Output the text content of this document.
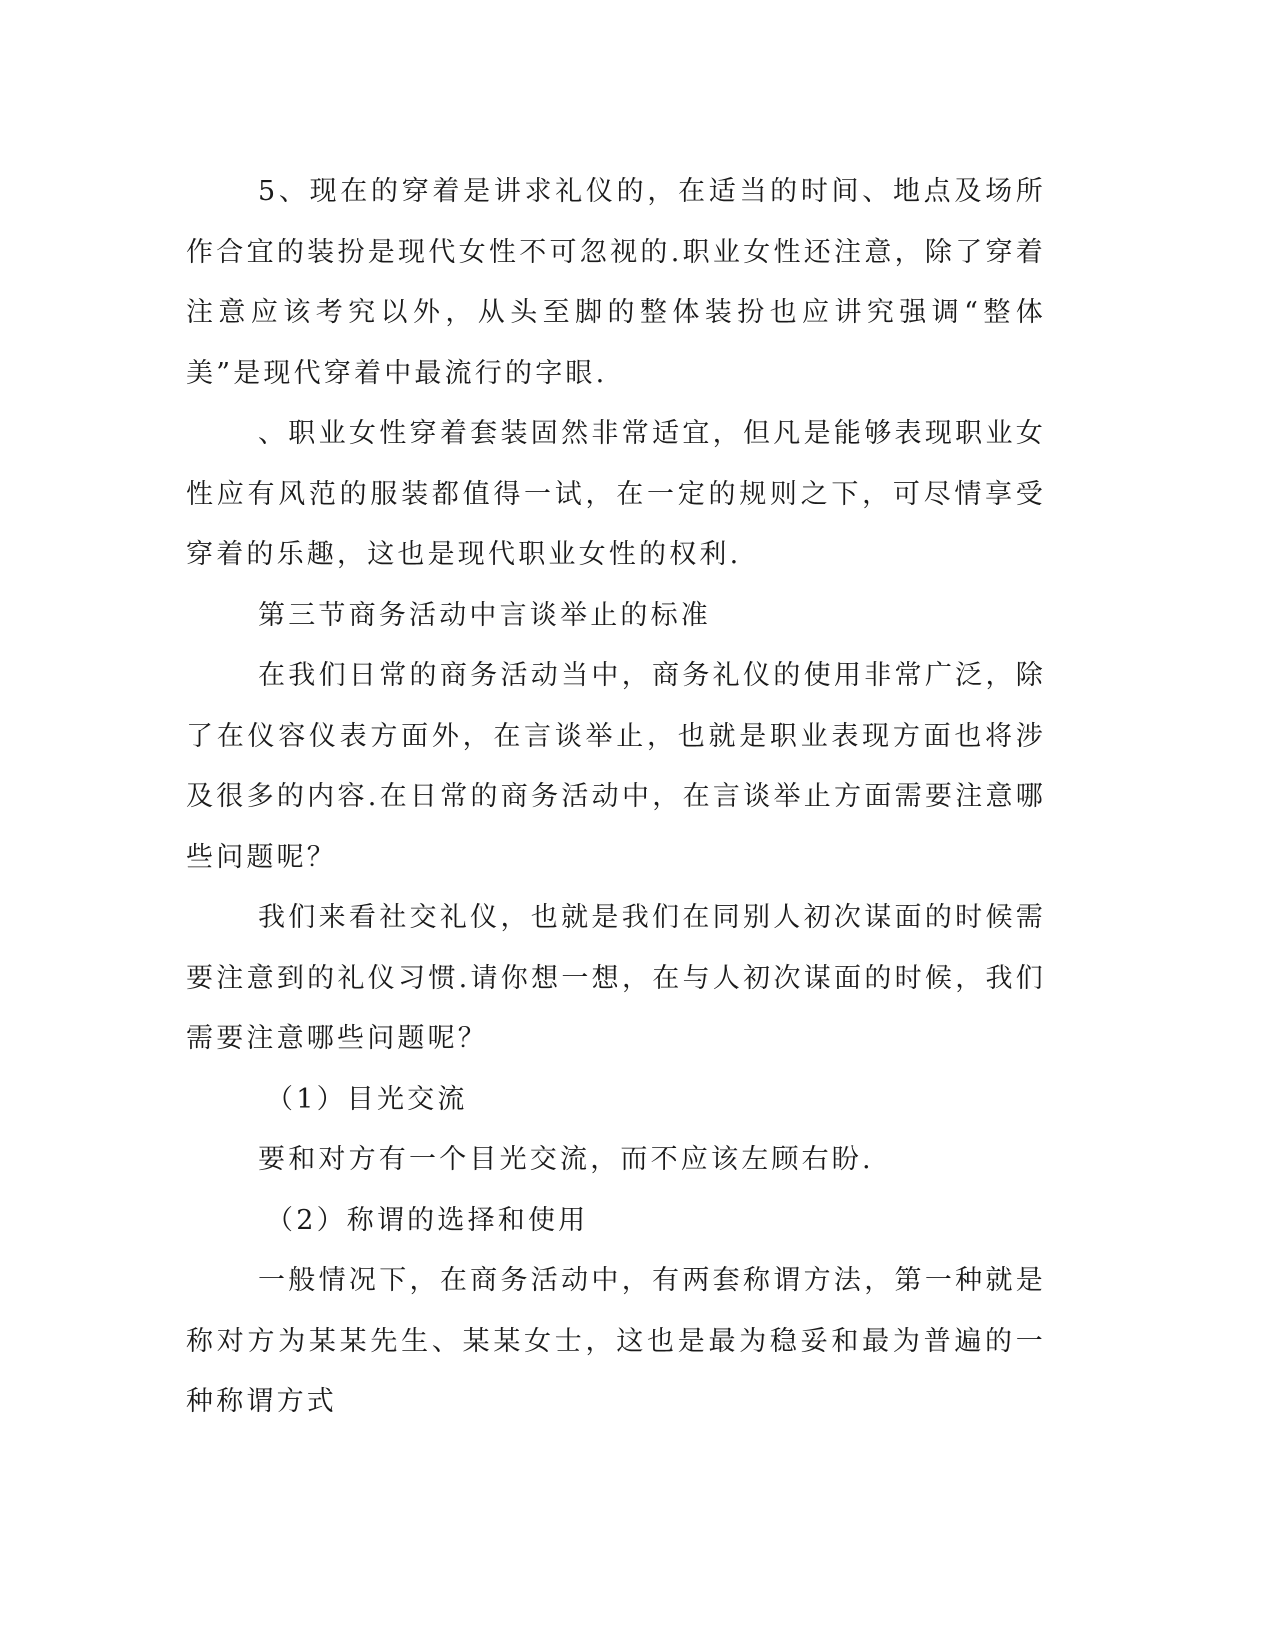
5、现在的穿着是讲求礼仪的，在适当的时间、地点及场所作合宜的装扮是现代女性不可忽视的.职业女性还注意，除了穿着注意应该考究以外，从头至脚的整体装扮也应讲究强调“整体美”是现代穿着中最流行的字眼.

、职业女性穿着套装固然非常适宜，但凡是能够表现职业女性应有风范的服装都值得一试，在一定的规则之下，可尽情享受穿着的乐趣，这也是现代职业女性的权利.

第三节商务活动中言谈举止的标准

在我们日常的商务活动当中，商务礼仪的使用非常广泛，除了在仪容仪表方面外，在言谈举止，也就是职业表现方面也将涉及很多的内容.在日常的商务活动中，在言谈举止方面需要注意哪些问题呢？

我们来看社交礼仪，也就是我们在同别人初次谋面的时候需要注意到的礼仪习惯.请你想一想，在与人初次谋面的时候，我们需要注意哪些问题呢？

（1）目光交流

要和对方有一个目光交流，而不应该左顾右盼.

（2）称谓的选择和使用

一般情况下，在商务活动中，有两套称谓方法，第一种就是称对方为某某先生、某某女士，这也是最为稳妥和最为普遍的一种称谓方式
